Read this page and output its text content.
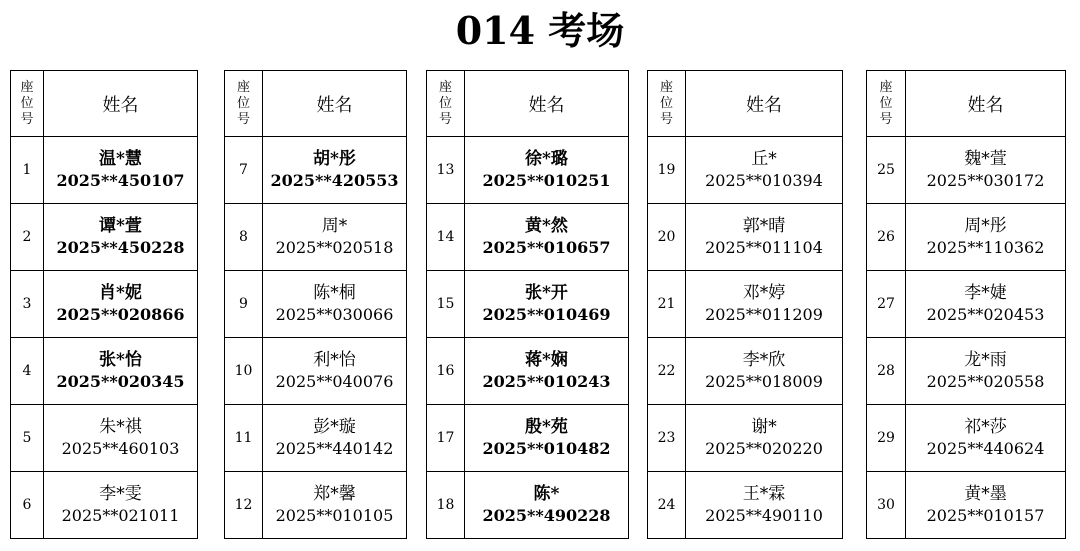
014 考场
座
位
号	姓名
1	温*慧
2025**450107

2	谭*萱
2025**450228

3	肖*妮
2025**020866

4	张*怡
2025**020345

5	朱*祺
2025**460103

6	李*雯
2025**021011
座
位
号	姓名
7	胡*彤
2025**420553

8	周*
2025**020518

9	陈*桐
2025**030066

10	利*怡
2025**040076

11	彭*璇
2025**440142

12	郑*馨
2025**010105
座
位
号	姓名
13	徐*璐
2025**010251

14	黄*然
2025**010657

15	张*开
2025**010469

16	蒋*娴
2025**010243

17	殷*苑
2025**010482

18	陈*
2025**490228
座
位
号	姓名
19	丘*
2025**010394

20	郭*晴
2025**011104

21	邓*婷
2025**011209

22	李*欣
2025**018009

23	谢*
2025**020220

24	王*霖
2025**490110
座
位
号	姓名
25	魏*萱
2025**030172

26	周*彤
2025**110362

27	李*婕
2025**020453

28	龙*雨
2025**020558

29	祁*莎
2025**440624

30	黄*墨
2025**010157
